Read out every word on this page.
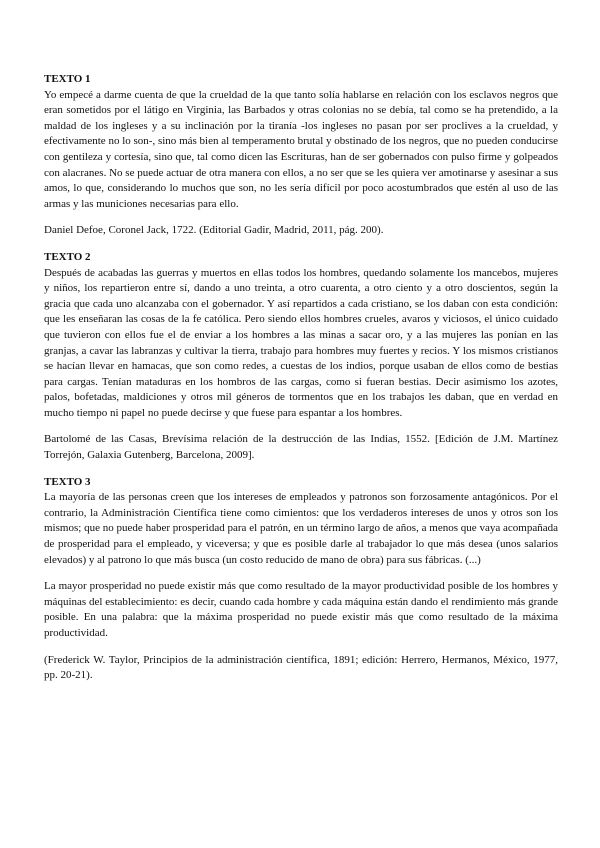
TEXTO 1

Yo empecé a darme cuenta de que la crueldad de la que tanto solía hablarse en relación con los esclavos negros que eran sometidos por el látigo en Virginia, las Barbados y otras colonias no se debía, tal como se ha pretendido, a la maldad de los ingleses y a su inclinación por la tiranía -los ingleses no pasan por ser proclives a la crueldad, y efectivamente no lo son-, sino más bien al temperamento brutal y obstinado de los negros, que no pueden conducirse con gentileza y cortesía, sino que, tal como dicen las Escrituras, han de ser gobernados con pulso firme y golpeados con alacranes. No se puede actuar de otra manera con ellos, a no ser que se les quiera ver amotinarse y asesinar a sus amos, lo que, considerando lo muchos que son, no les sería difícil por poco acostumbrados que estén al uso de las armas y las municiones necesarias para ello.

Daniel Defoe, Coronel Jack, 1722. (Editorial Gadir, Madrid, 2011, pág. 200).

TEXTO 2

Después de acabadas las guerras y muertos en ellas todos los hombres, quedando solamente los mancebos, mujeres y niños, los repartieron entre sí, dando a uno treinta, a otro cuarenta, a otro ciento y a otro doscientos, según la gracia que cada uno alcanzaba con el gobernador. Y así repartidos a cada cristiano, se los daban con esta condición: que les enseñaran las cosas de la fe católica. Pero siendo ellos hombres crueles, avaros y viciosos, el único cuidado que tuvieron con ellos fue el de enviar a los hombres a las minas a sacar oro, y a las mujeres las ponían en las granjas, a cavar las labranzas y cultivar la tierra, trabajo para hombres muy fuertes y recios. Y los mismos cristianos se hacían llevar en hamacas, que son como redes, a cuestas de los indios, porque usaban de ellos como de bestias para cargas. Tenían mataduras en los hombros de las cargas, como si fueran bestias. Decir asimismo los azotes, palos, bofetadas, maldiciones y otros mil géneros de tormentos que en los trabajos les daban, que en verdad en mucho tiempo ni papel no puede decirse y que fuese para espantar a los hombres.

Bartolomé de las Casas, Brevísima relación de la destrucción de las Indias, 1552. [Edición de J.M. Martínez Torrejón, Galaxia Gutenberg, Barcelona, 2009].

TEXTO 3

La mayoría de las personas creen que los intereses de empleados y patronos son forzosamente antagónicos. Por el contrario, la Administración Científica tiene como cimientos: que los verdaderos intereses de unos y otros son los mismos; que no puede haber prosperidad para el patrón, en un término largo de años, a menos que vaya acompañada de prosperidad para el empleado, y viceversa; y que es posible darle al trabajador lo que más desea (unos salarios elevados) y al patrono lo que más busca (un costo reducido de mano de obra) para sus fábricas. (...)

La mayor prosperidad no puede existir más que como resultado de la mayor productividad posible de los hombres y máquinas del establecimiento: es decir, cuando cada hombre y cada máquina están dando el rendimiento más grande posible. En una palabra: que la máxima prosperidad no puede existir más que como resultado de la máxima productividad.

(Frederick W. Taylor, Principios de la administración científica, 1891; edición: Herrero, Hermanos, México, 1977, pp. 20-21).
